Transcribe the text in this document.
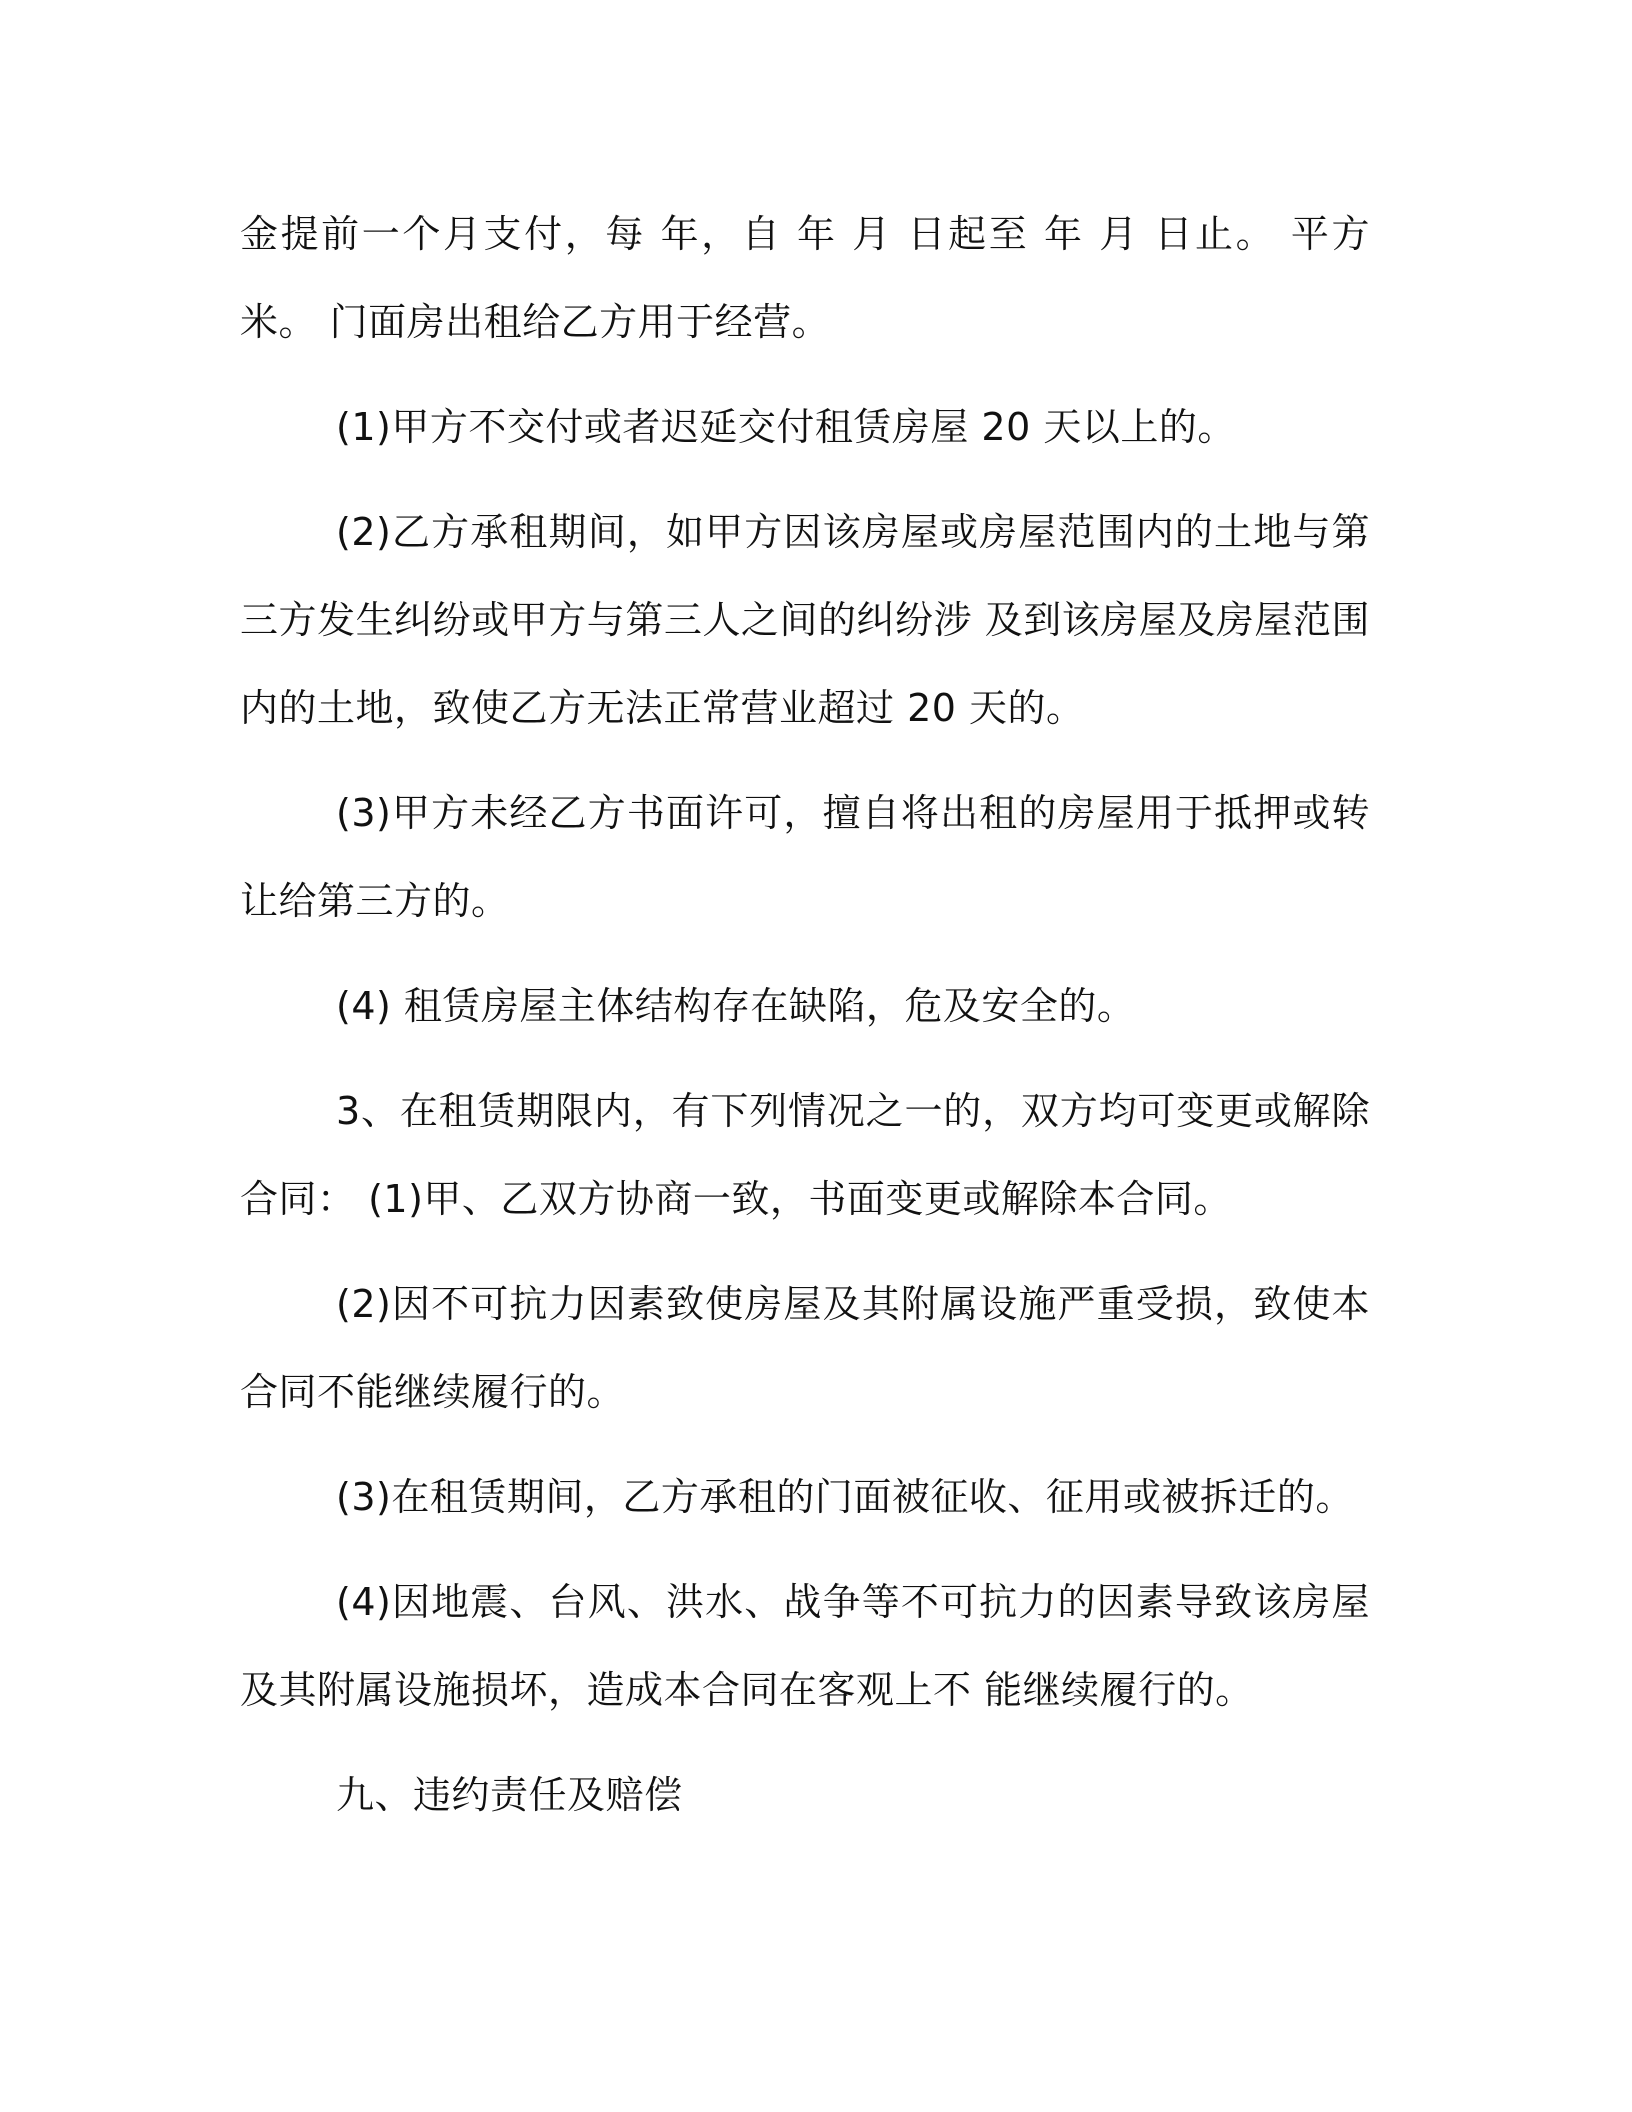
金提前一个月支付，每 年，自 年 月 日起至 年 月 日止。 平方米。 门面房出租给乙方用于经营。

(1)甲方不交付或者迟延交付租赁房屋 20 天以上的。

(2)乙方承租期间，如甲方因该房屋或房屋范围内的土地与第三方发生纠纷或甲方与第三人之间的纠纷涉 及到该房屋及房屋范围内的土地，致使乙方无法正常营业超过 20 天的。

(3)甲方未经乙方书面许可，擅自将出租的房屋用于抵押或转让给第三方的。

(4) 租赁房屋主体结构存在缺陷，危及安全的。

3、在租赁期限内，有下列情况之一的，双方均可变更或解除合同： (1)甲、乙双方协商一致，书面变更或解除本合同。

(2)因不可抗力因素致使房屋及其附属设施严重受损，致使本合同不能继续履行的。

(3)在租赁期间，乙方承租的门面被征收、征用或被拆迁的。

(4)因地震、台风、洪水、战争等不可抗力的因素导致该房屋及其附属设施损坏，造成本合同在客观上不 能继续履行的。

九、违约责任及赔偿
